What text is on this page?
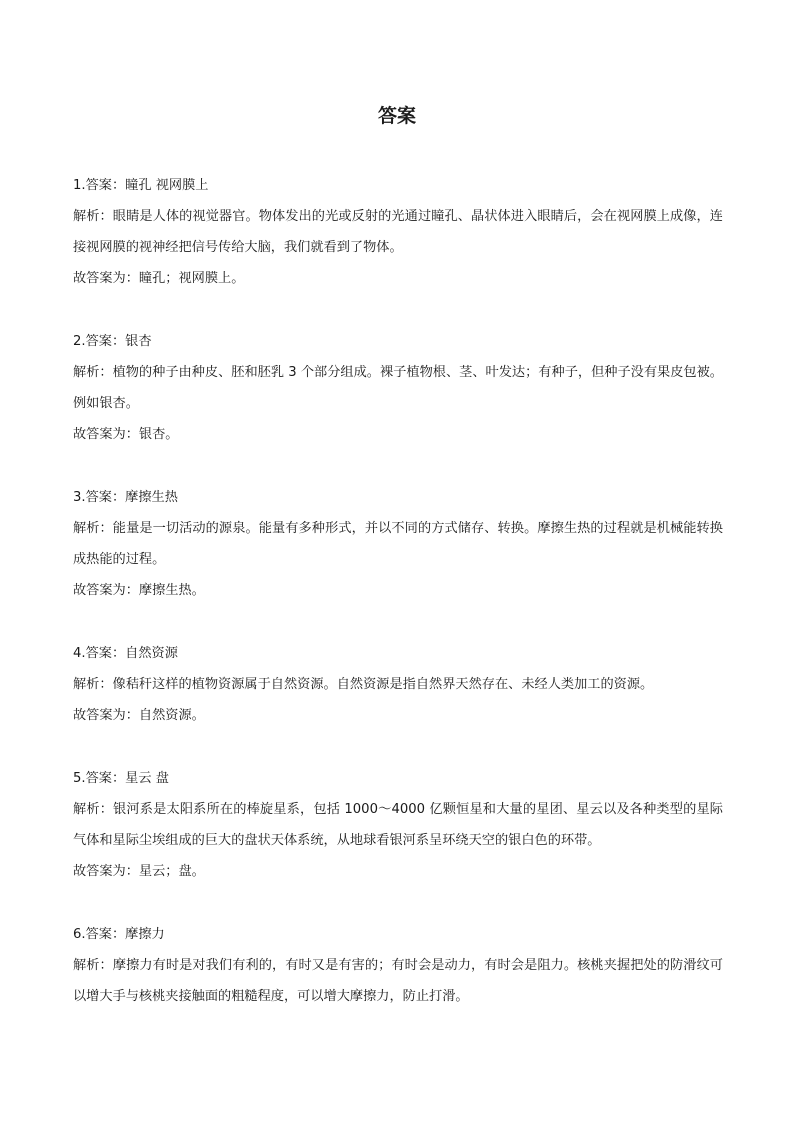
答案

1.答案：瞳孔 视网膜上

解析：眼睛是人体的视觉器官。物体发出的光或反射的光通过瞳孔、晶状体进入眼睛后，会在视网膜上成像，连接视网膜的视神经把信号传给大脑，我们就看到了物体。

故答案为：瞳孔；视网膜上。

2.答案：银杏

解析：植物的种子由种皮、胚和胚乳 3 个部分组成。裸子植物根、茎、叶发达；有种子，但种子没有果皮包被。例如银杏。

故答案为：银杏。

3.答案：摩擦生热

解析：能量是一切活动的源泉。能量有多种形式，并以不同的方式储存、转换。摩擦生热的过程就是机械能转换成热能的过程。

故答案为：摩擦生热。

4.答案：自然资源

解析：像秸秆这样的植物资源属于自然资源。自然资源是指自然界天然存在、未经人类加工的资源。

故答案为：自然资源。

5.答案：星云 盘

解析：银河系是太阳系所在的棒旋星系，包括 1000～4000 亿颗恒星和大量的星团、星云以及各种类型的星际气体和星际尘埃组成的巨大的盘状天体系统，从地球看银河系呈环绕天空的银白色的环带。

故答案为：星云；盘。

6.答案：摩擦力

解析：摩擦力有时是对我们有利的，有时又是有害的；有时会是动力，有时会是阻力。核桃夹握把处的防滑纹可以增大手与核桃夹接触面的粗糙程度，可以增大摩擦力，防止打滑。
